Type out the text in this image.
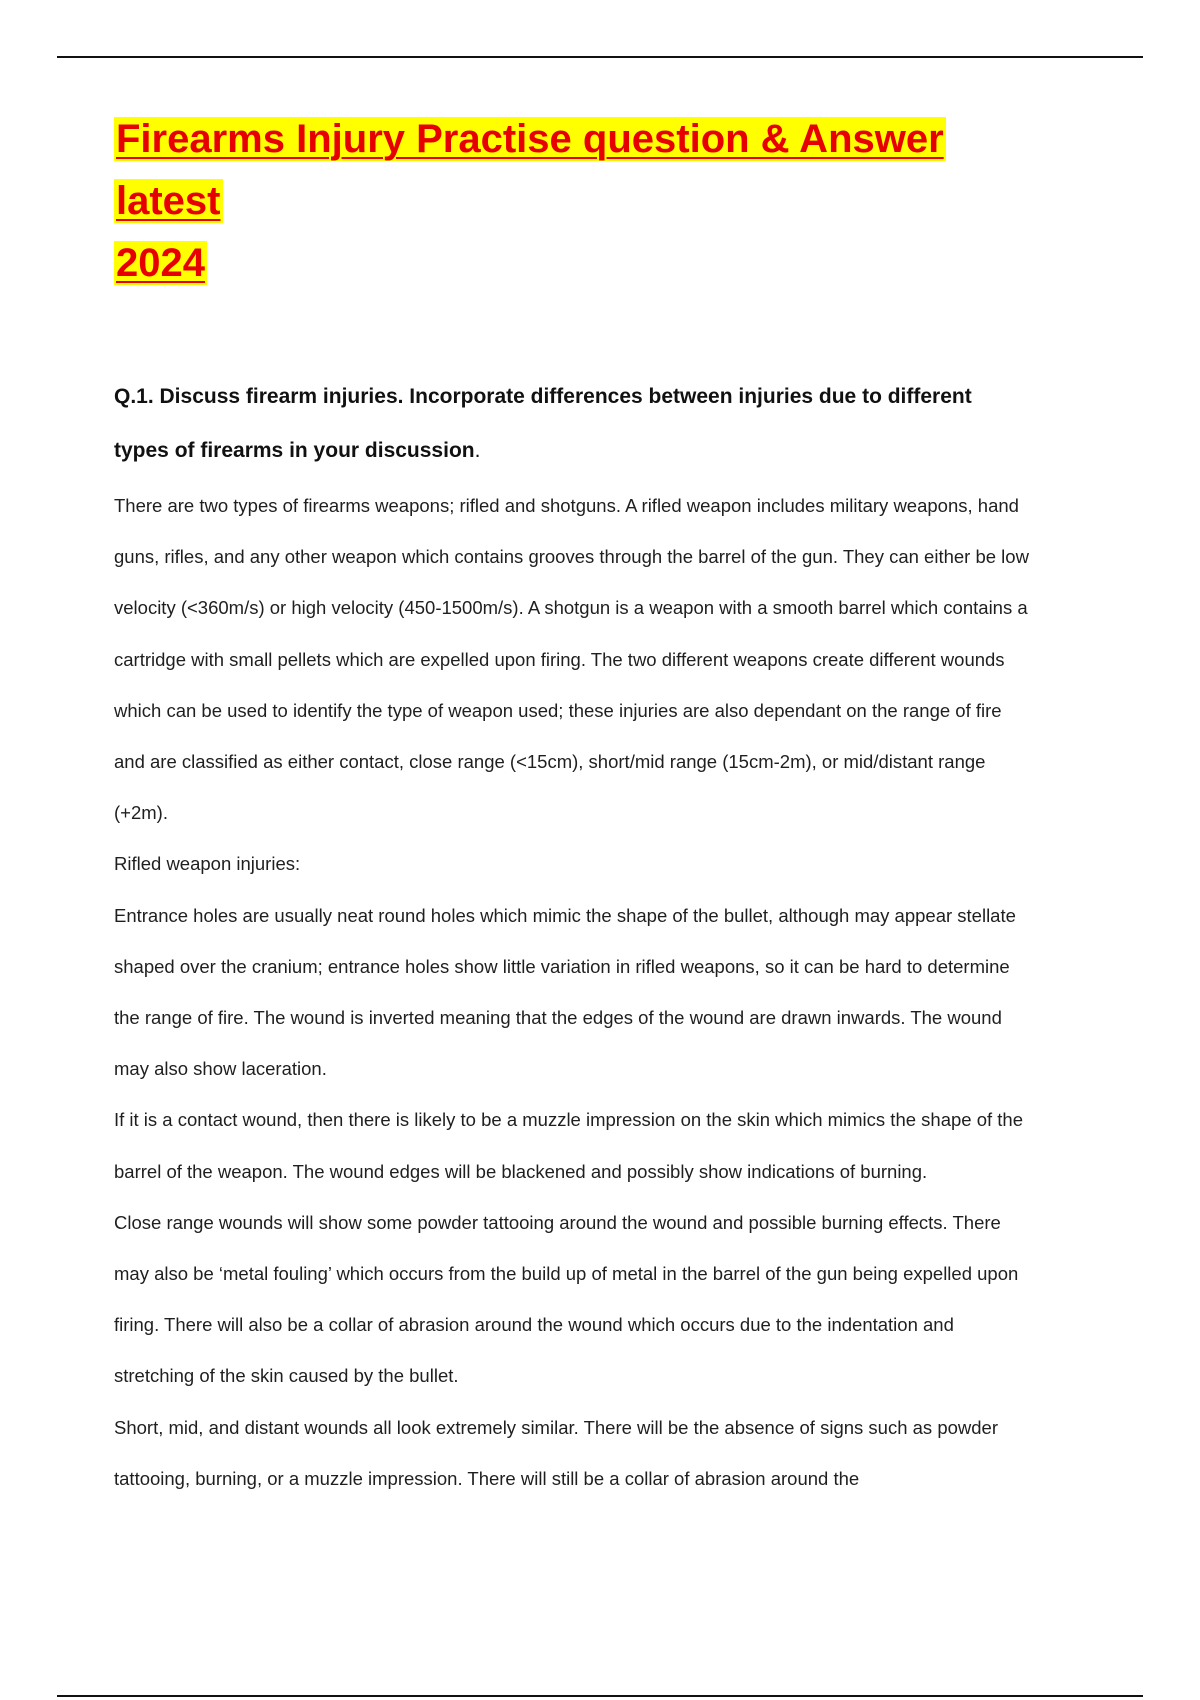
Firearms Injury Practise question & Answer latest
2024
Q.1. Discuss firearm injuries. Incorporate differences between injuries due to different types of firearms in your discussion.

There are two types of firearms weapons; rifled and shotguns. A rifled weapon includes military weapons, hand guns, rifles, and any other weapon which contains grooves through the barrel of the gun. They can either be low velocity (<360m/s) or high velocity (450-1500m/s). A shotgun is a weapon with a smooth barrel which contains a cartridge with small pellets which are expelled upon firing. The two different weapons create different wounds which can be used to identify the type of weapon used; these injuries are also dependant on the range of fire and are classified as either contact, close range (<15cm), short/mid range (15cm-2m), or mid/distant range (+2m).

Rifled weapon injuries:

Entrance holes are usually neat round holes which mimic the shape of the bullet, although may appear stellate shaped over the cranium; entrance holes show little variation in rifled weapons, so it can be hard to determine the range of fire. The wound is inverted meaning that the edges of the wound are drawn inwards. The wound may also show laceration.

If it is a contact wound, then there is likely to be a muzzle impression on the skin which mimics the shape of the barrel of the weapon. The wound edges will be blackened and possibly show indications of burning.

Close range wounds will show some powder tattooing around the wound and possible burning effects. There may also be ‘metal fouling’ which occurs from the build up of metal in the barrel of the gun being expelled upon firing. There will also be a collar of abrasion around the wound which occurs due to the indentation and stretching of the skin caused by the bullet.

Short, mid, and distant wounds all look extremely similar. There will be the absence of signs such as powder tattooing, burning, or a muzzle impression. There will still be a collar of abrasion around the
